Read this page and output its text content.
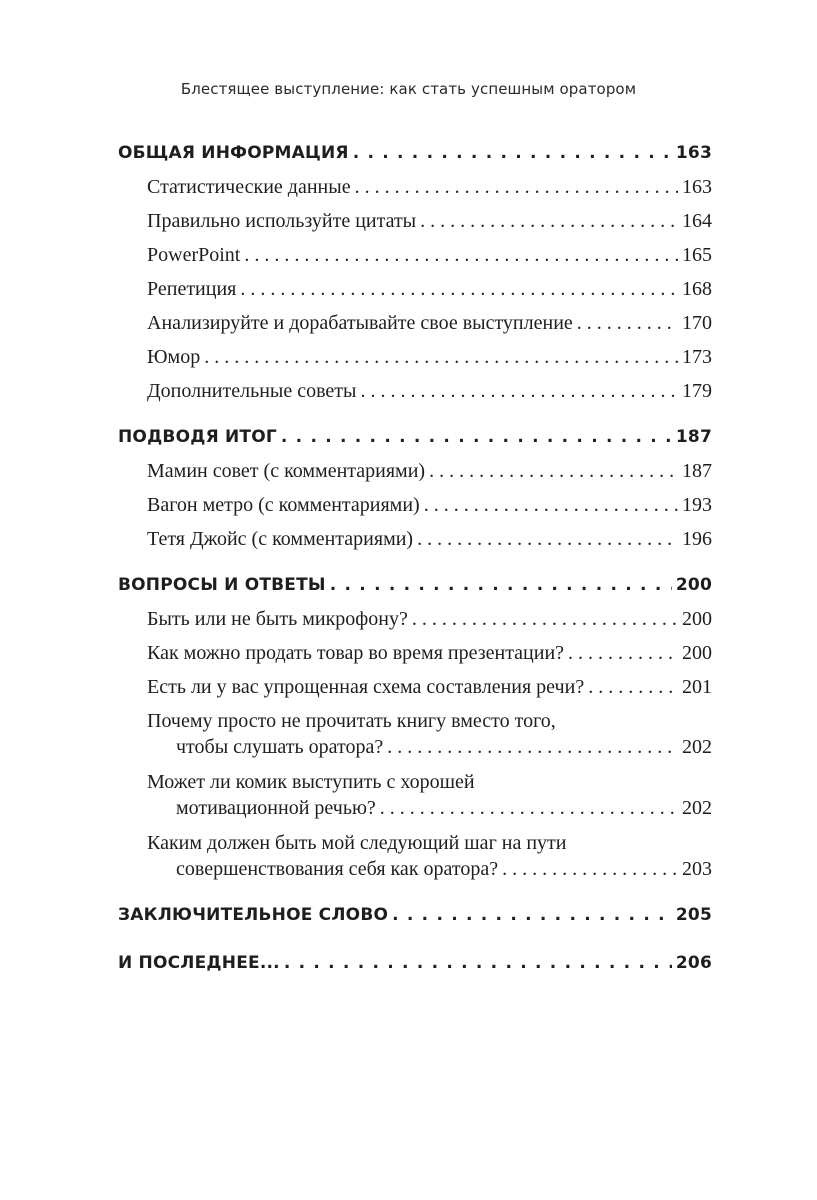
Блестящее выступление: как стать успешным оратором
ОБЩАЯ ИНФОРМАЦИЯ . . .	163
Статистические данные . . .	163
Правильно используйте цитаты . . .	164
PowerPoint . . .	165
Репетиция . . .	168
Анализируйте и дорабатывайте свое выступление . . .	170
Юмор . . .	173
Дополнительные советы . . .	179
ПОДВОДЯ ИТОГ . . .	187
Мамин совет (с комментариями) . . .	187
Вагон метро (с комментариями) . . .	193
Тетя Джойс (с комментариями) . . .	196
ВОПРОСЫ И ОТВЕТЫ . . .	200
Быть или не быть микрофону? . . .	200
Как можно продать товар во время презентации? . . .	200
Есть ли у вас упрощенная схема составления речи? . . .	201
Почему просто не прочитать книгу вместо того,
чтобы слушать оратора? . . .	202
Может ли комик выступить с хорошей
мотивационной речью? . . .	202
Каким должен быть мой следующий шаг на пути
совершенствования себя как оратора? . . .	203
ЗАКЛЮЧИТЕЛЬНОЕ СЛОВО . . .	205
И ПОСЛЕДНЕЕ... . . .	206
